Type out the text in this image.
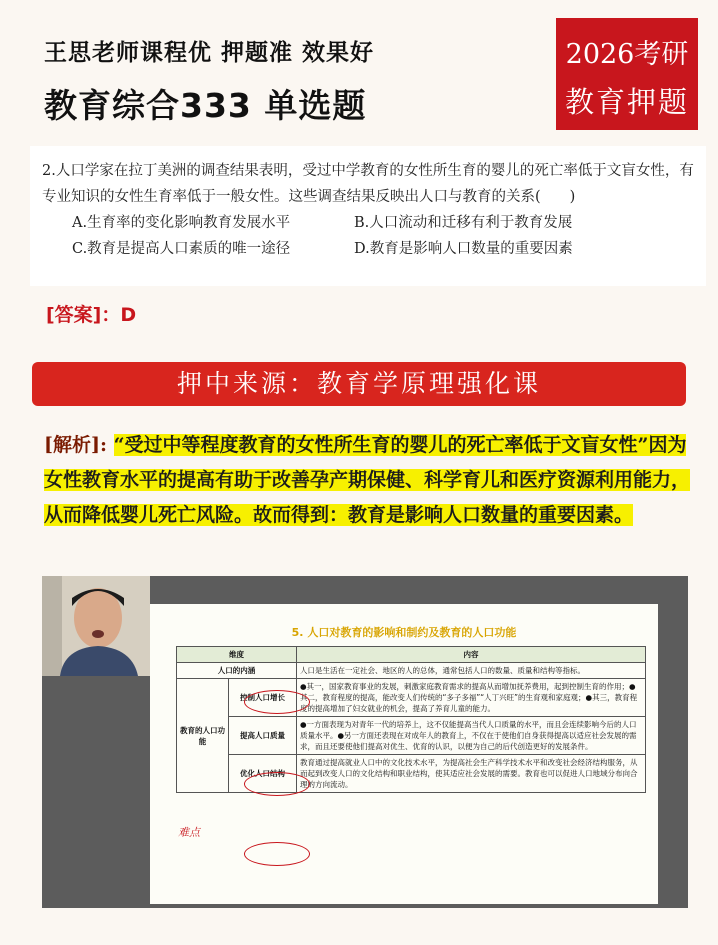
王思老师课程优 押题准 效果好
教育综合333 单选题
2026考研
教育押题
2.人口学家在拉丁美洲的调查结果表明，受过中学教育的女性所生育的婴儿的死亡率低于文盲女性，有专业知识的女性生育率低于一般女性。这些调查结果反映出人口与教育的关系(　　)
A.生育率的变化影响教育发展水平	B.人口流动和迁移有利于教育发展
C.教育是提高人口素质的唯一途径	D.教育是影响人口数量的重要因素
[答案]：D
押中来源：教育学原理强化课
[解析]: “受过中等程度教育的女性所生育的婴儿的死亡率低于文盲女性”因为女性教育水平的提高有助于改善孕产期保健、科学育儿和医疗资源利用能力，从而降低婴儿死亡风险。故而得到：教育是影响人口数量的重要因素。
5. 人口对教育的影响和制约及教育的人口功能
维度		内容
人口的内涵		人口是生活在一定社会、地区的人的总体，通常包括人口的数量、质量和结构等指标。
教育的人口功能	控制人口增长	●其一，国家教育事业的发展，刺激家庭教育需求的提高从而增加抚养费用，起到控制生育的作用；●其二，教育程度的提高，能改变人们传统的“多子多福”“人丁兴旺”的生育观和家庭观；●其三，教育程度的提高增加了妇女就业的机会，提高了养育儿童的能力。
	提高人口质量	●一方面表现为对青年一代的培养上，这不仅能提高当代人口质量的水平，而且会连续影响今后的人口质量水平。●另一方面还表现在对成年人的教育上，不仅在于使他们自身获得提高以适应社会发展的需求，而且还要使他们提高对优生、优育的认识，以便为自己的后代创造更好的发展条件。
	优化人口结构	教育通过提高就业人口中的文化技术水平，为提高社会生产科学技术水平和改变社会经济结构服务，从而起到改变人口的文化结构和职业结构，使其适应社会发展的需要。教育也可以促进人口地域分布向合理的方向流动。
难点
